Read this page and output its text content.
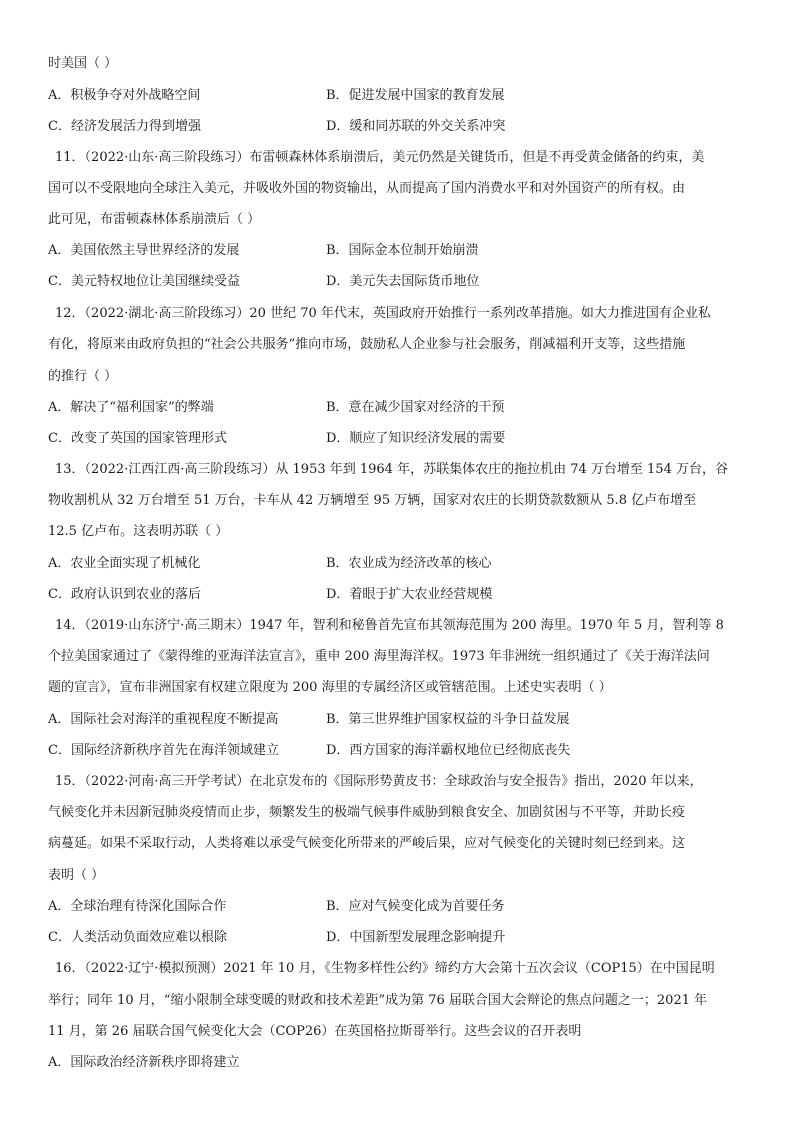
时美国（ ）
A．积极争夺对外战略空间	B．促进发展中国家的教育发展
C．经济发展活力得到增强	D．缓和同苏联的外交关系冲突
11．（2022·山东·高三阶段练习）布雷顿森林体系崩溃后，美元仍然是关键货币，但是不再受黄金储备的约束，美
国可以不受限地向全球注入美元，并吸收外国的物资输出，从而提高了国内消费水平和对外国资产的所有权。由
此可见，布雷顿森林体系崩溃后（ ）
A．美国依然主导世界经济的发展	B．国际金本位制开始崩溃
C．美元特权地位让美国继续受益	D．美元失去国际货币地位
12．（2022·湖北·高三阶段练习）20 世纪 70 年代末，英国政府开始推行一系列改革措施。如大力推进国有企业私
有化，将原来由政府负担的“社会公共服务”推向市场，鼓励私人企业参与社会服务，削减福利开支等，这些措施
的推行（ ）
A．解决了“福利国家”的弊端	B．意在减少国家对经济的干预
C．改变了英国的国家管理形式	D．顺应了知识经济发展的需要
13．（2022·江西江西·高三阶段练习）从 1953 年到 1964 年，苏联集体农庄的拖拉机由 74 万台增至 154 万台，谷
物收割机从 32 万台增至 51 万台，卡车从 42 万辆增至 95 万辆，国家对农庄的长期贷款数额从 5.8 亿卢布增至
12.5 亿卢布。这表明苏联（ ）
A．农业全面实现了机械化	B．农业成为经济改革的核心
C．政府认识到农业的落后	D．着眼于扩大农业经营规模
14．（2019·山东济宁·高三期末）1947 年，智利和秘鲁首先宣布其领海范围为 200 海里。1970 年 5 月，智利等 8
个拉美国家通过了《蒙得维的亚海洋法宣言》，重申 200 海里海洋权。1973 年非洲统一组织通过了《关于海洋法问
题的宣言》，宣布非洲国家有权建立限度为 200 海里的专属经济区或管辖范围。上述史实表明（ ）
A．国际社会对海洋的重视程度不断提高	B．第三世界维护国家权益的斗争日益发展
C．国际经济新秩序首先在海洋领域建立	D．西方国家的海洋霸权地位已经彻底丧失
15．（2022·河南·高三开学考试）在北京发布的《国际形势黄皮书：全球政治与安全报告》指出，2020 年以来，
气候变化并未因新冠肺炎疫情而止步，频繁发生的极端气候事件威胁到粮食安全、加剧贫困与不平等，并助长疫
病蔓延。如果不采取行动，人类将难以承受气候变化所带来的严峻后果，应对气候变化的关键时刻已经到来。这
表明（ ）
A．全球治理有待深化国际合作	B．应对气候变化成为首要任务
C．人类活动负面效应难以根除	D．中国新型发展理念影响提升
16．（2022·辽宁·模拟预测）2021 年 10 月，《生物多样性公约》缔约方大会第十五次会议（COP15）在中国昆明
举行；同年 10 月，“缩小限制全球变暖的财政和技术差距”成为第 76 届联合国大会辩论的焦点问题之一；2021 年
11 月，第 26 届联合国气候变化大会（COP26）在英国格拉斯哥举行。这些会议的召开表明
A．国际政治经济新秩序即将建立
